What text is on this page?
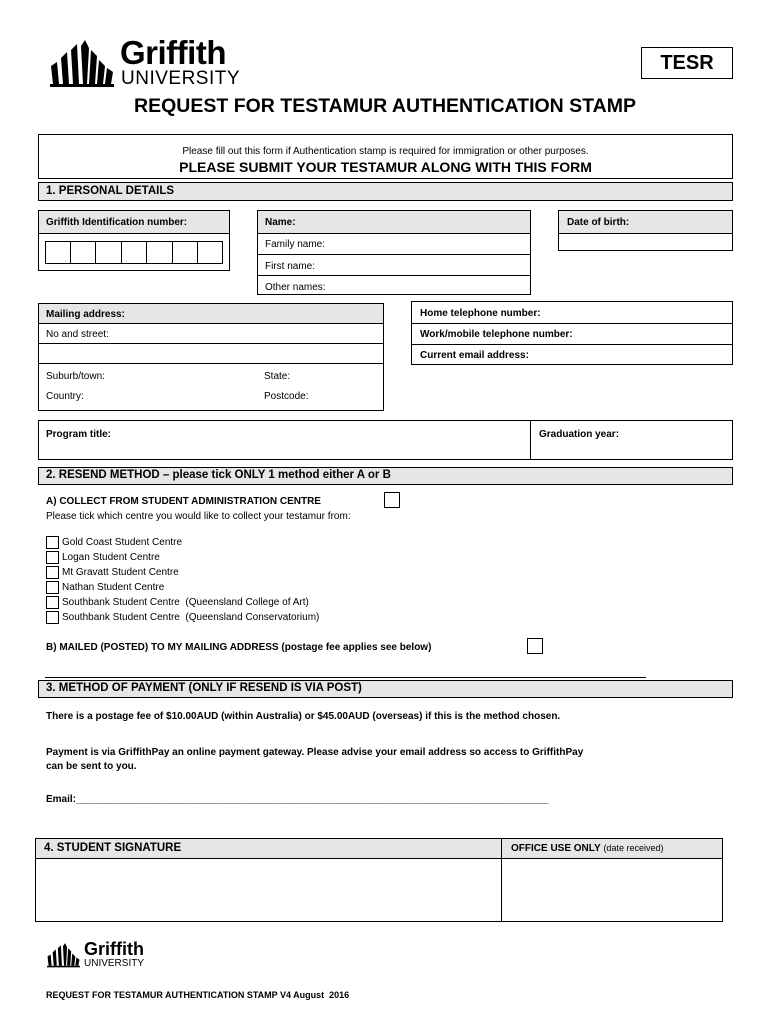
Griffith
UNIVERSITY
TESR
REQUEST FOR TESTAMUR AUTHENTICATION STAMP
Please fill out this form if Authentication stamp is required for immigration or other purposes.
PLEASE SUBMIT YOUR TESTAMUR ALONG WITH THIS FORM
1. PERSONAL DETAILS
Griffith Identification number:	Name:
Family name:
First name:
Other names:
Date of birth:
Mailing address:
No and street:
Suburb/town:	State:
Country:	Postcode:
Home telephone number:
Work/mobile telephone number:
Current email address:
Program title:	Graduation year:
2. RESEND METHOD – please tick ONLY 1 method either A or B
A) COLLECT FROM STUDENT ADMINISTRATION CENTRE
Please tick which centre you would like to collect your testamur from:
Gold Coast Student Centre
Logan Student Centre
Mt Gravatt Student Centre
Nathan Student Centre
Southbank Student Centre  (Queensland College of Art)
Southbank Student Centre  (Queensland Conservatorium)
B) MAILED (POSTED) TO MY MAILING ADDRESS (postage fee applies see below)
3. METHOD OF PAYMENT (ONLY IF RESEND IS VIA POST)
There is a postage fee of $10.00AUD (within Australia) or $45.00AUD (overseas) if this is the method chosen.
Payment is via GriffithPay an online payment gateway. Please advise your email address so access to GriffithPay
can be sent to you.
Email:_____________________________________________________________________________________
4. STUDENT SIGNATURE	OFFICE USE ONLY (date received)
Griffith
UNIVERSITY
REQUEST FOR TESTAMUR AUTHENTICATION STAMP V4 August  2016
